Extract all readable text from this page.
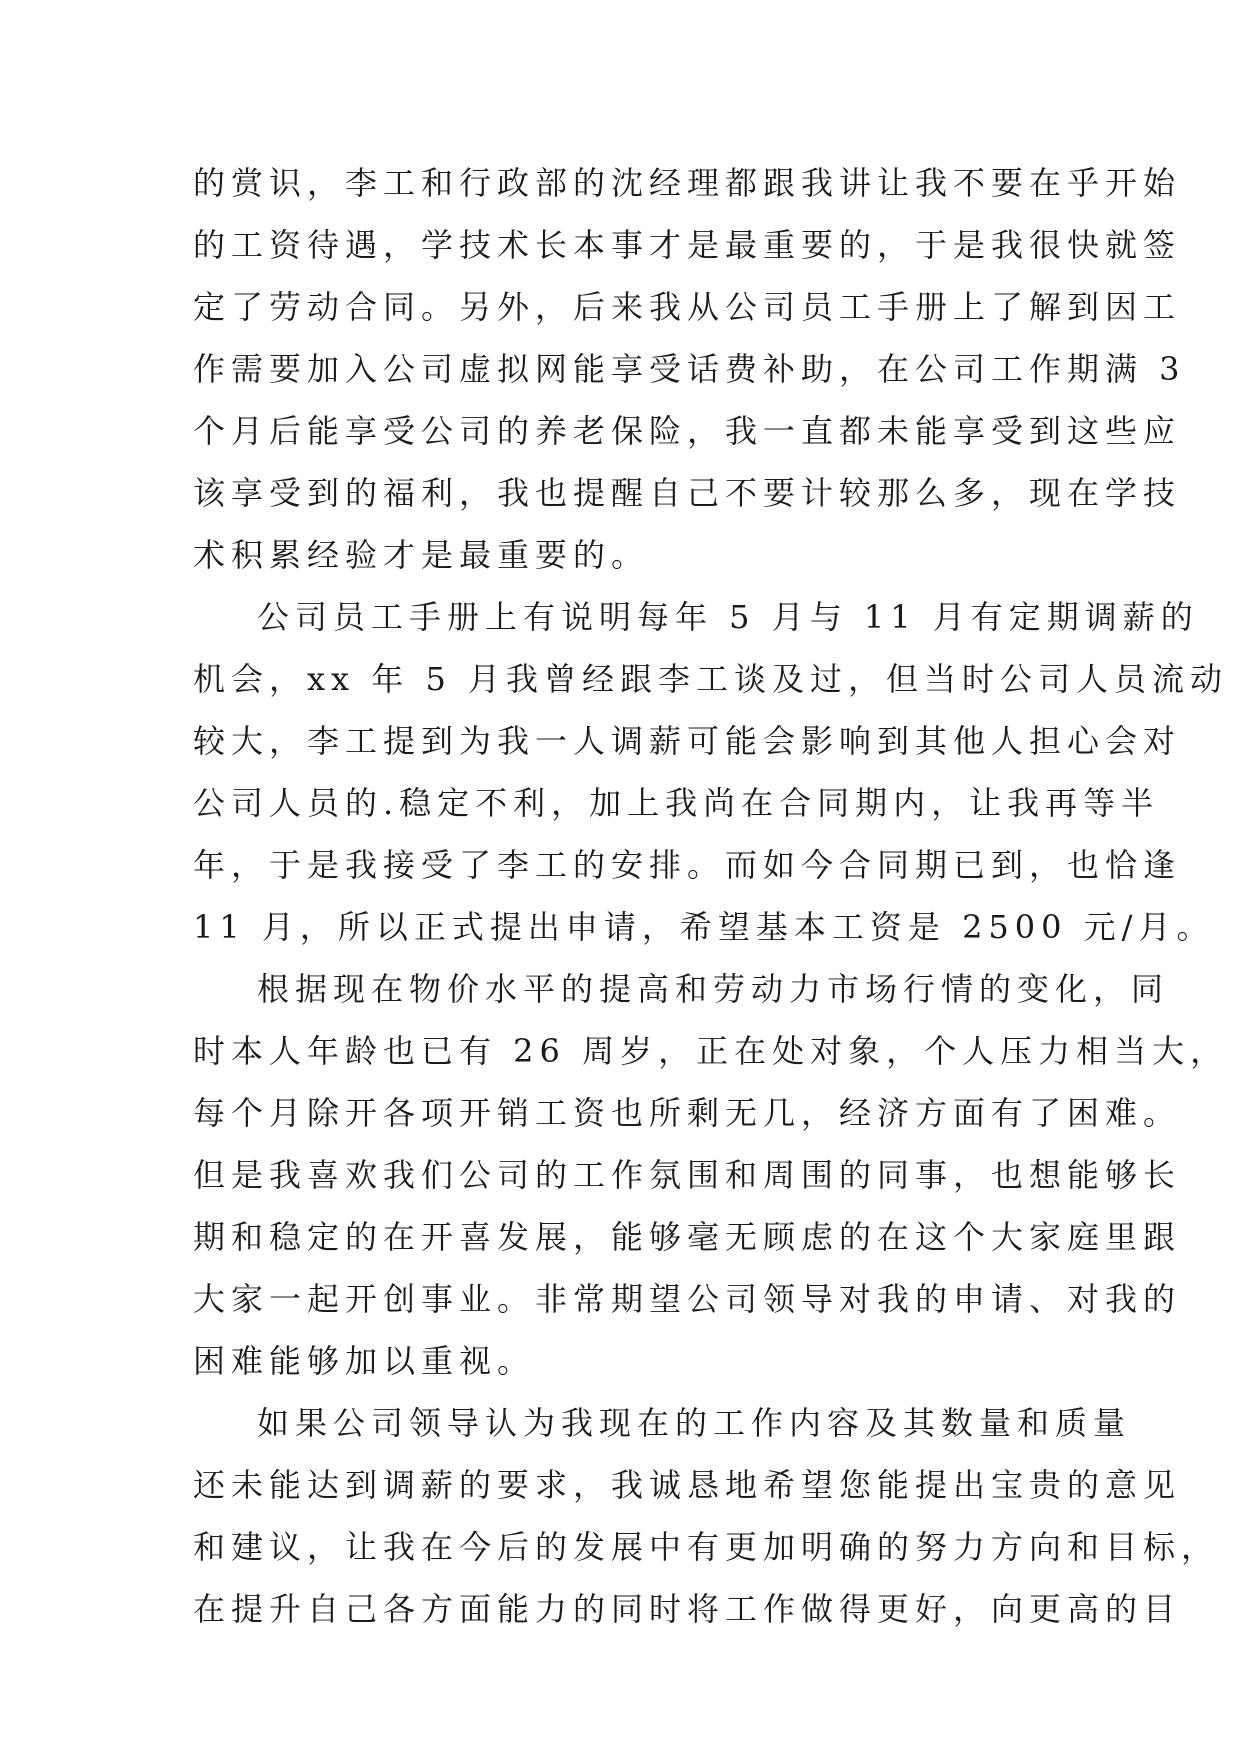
的赏识，李工和行政部的沈经理都跟我讲让我不要在乎开始
的工资待遇，学技术长本事才是最重要的，于是我很快就签
定了劳动合同。另外，后来我从公司员工手册上了解到因工
作需要加入公司虚拟网能享受话费补助，在公司工作期满 3
个月后能享受公司的养老保险，我一直都未能享受到这些应
该享受到的福利，我也提醒自己不要计较那么多，现在学技
术积累经验才是最重要的。
公司员工手册上有说明每年 5 月与 11 月有定期调薪的
机会，xx 年 5 月我曾经跟李工谈及过，但当时公司人员流动
较大，李工提到为我一人调薪可能会影响到其他人担心会对
公司人员的.稳定不利，加上我尚在合同期内，让我再等半
年，于是我接受了李工的安排。而如今合同期已到，也恰逢
11 月，所以正式提出申请，希望基本工资是 2500 元/月。
根据现在物价水平的提高和劳动力市场行情的变化，同
时本人年龄也已有 26 周岁，正在处对象，个人压力相当大，
每个月除开各项开销工资也所剩无几，经济方面有了困难。
但是我喜欢我们公司的工作氛围和周围的同事，也想能够长
期和稳定的在开喜发展，能够毫无顾虑的在这个大家庭里跟
大家一起开创事业。非常期望公司领导对我的申请、对我的
困难能够加以重视。
如果公司领导认为我现在的工作内容及其数量和质量
还未能达到调薪的要求，我诚恳地希望您能提出宝贵的意见
和建议，让我在今后的发展中有更加明确的努力方向和目标，
在提升自己各方面能力的同时将工作做得更好，向更高的目
